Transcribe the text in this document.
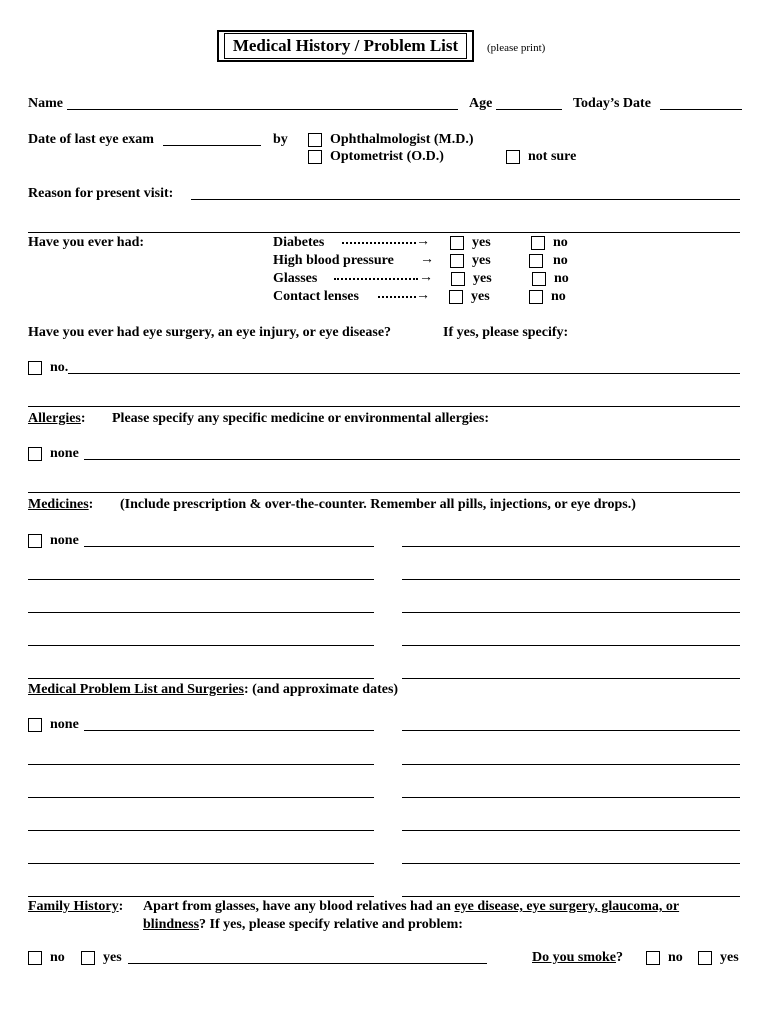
Medical History / Problem List	(please print)
Name	Age	Today’s Date
Date of last eye exam	by	Ophthalmologist (M.D.)
Optometrist (O.D.)	not sure
Reason for present visit:
Have you ever had:	Diabetes	→	yes	no
High blood pressure →	yes	no
Glasses	→	yes	no
Contact lenses	→	yes	no
Have you ever had eye surgery, an eye injury, or eye disease?	If yes, please specify:
no.
Allergies: Please specify any specific medicine or environmental allergies:
none
Medicines: (Include prescription & over-the-counter. Remember all pills, injections, or eye drops.)
none
Medical Problem List and Surgeries: (and approximate dates)
none
Family History: Apart from glasses, have any blood relatives had an eye disease, eye surgery, glaucoma, or
blindness? If yes, please specify relative and problem:
no	yes	Do you smoke?	no	yes
